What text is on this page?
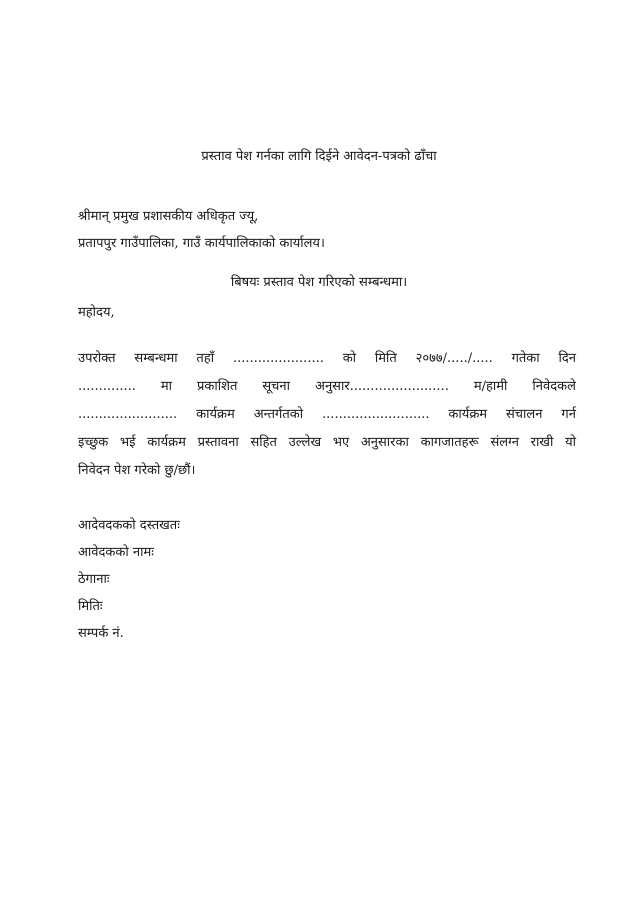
प्रस्ताव पेश गर्नका लागि दिईने आवेदन-पत्रको ढाँचा
श्रीमान् प्रमुख प्रशासकीय अधिकृत ज्यू,
प्रतापपुर गाउँपालिका, गाउँ कार्यपालिकाको कार्यालय।
बिषयः प्रस्ताव पेश गरिएको सम्बन्धमा।
महोदय,
उपरोक्त सम्बन्धमा तहाँ ...................... को मिति २०७७/...../..... गतेका दिन
.............. मा प्रकाशित सूचना अनुसार........................ म/हामी निवेदकले
........................ कार्यक्रम अन्तर्गतको .......................... कार्यक्रम संचालन गर्न
इच्छुक भई कार्यक्रम प्रस्तावना सहित उल्लेख भए अनुसारका कागजातहरू संलग्न राखी यो
निवेदन पेश गरेको छु/छौं।
आदेवदकको दस्तखतः
आवेदकको नामः
ठेगानाः
मितिः
सम्पर्क नं.
